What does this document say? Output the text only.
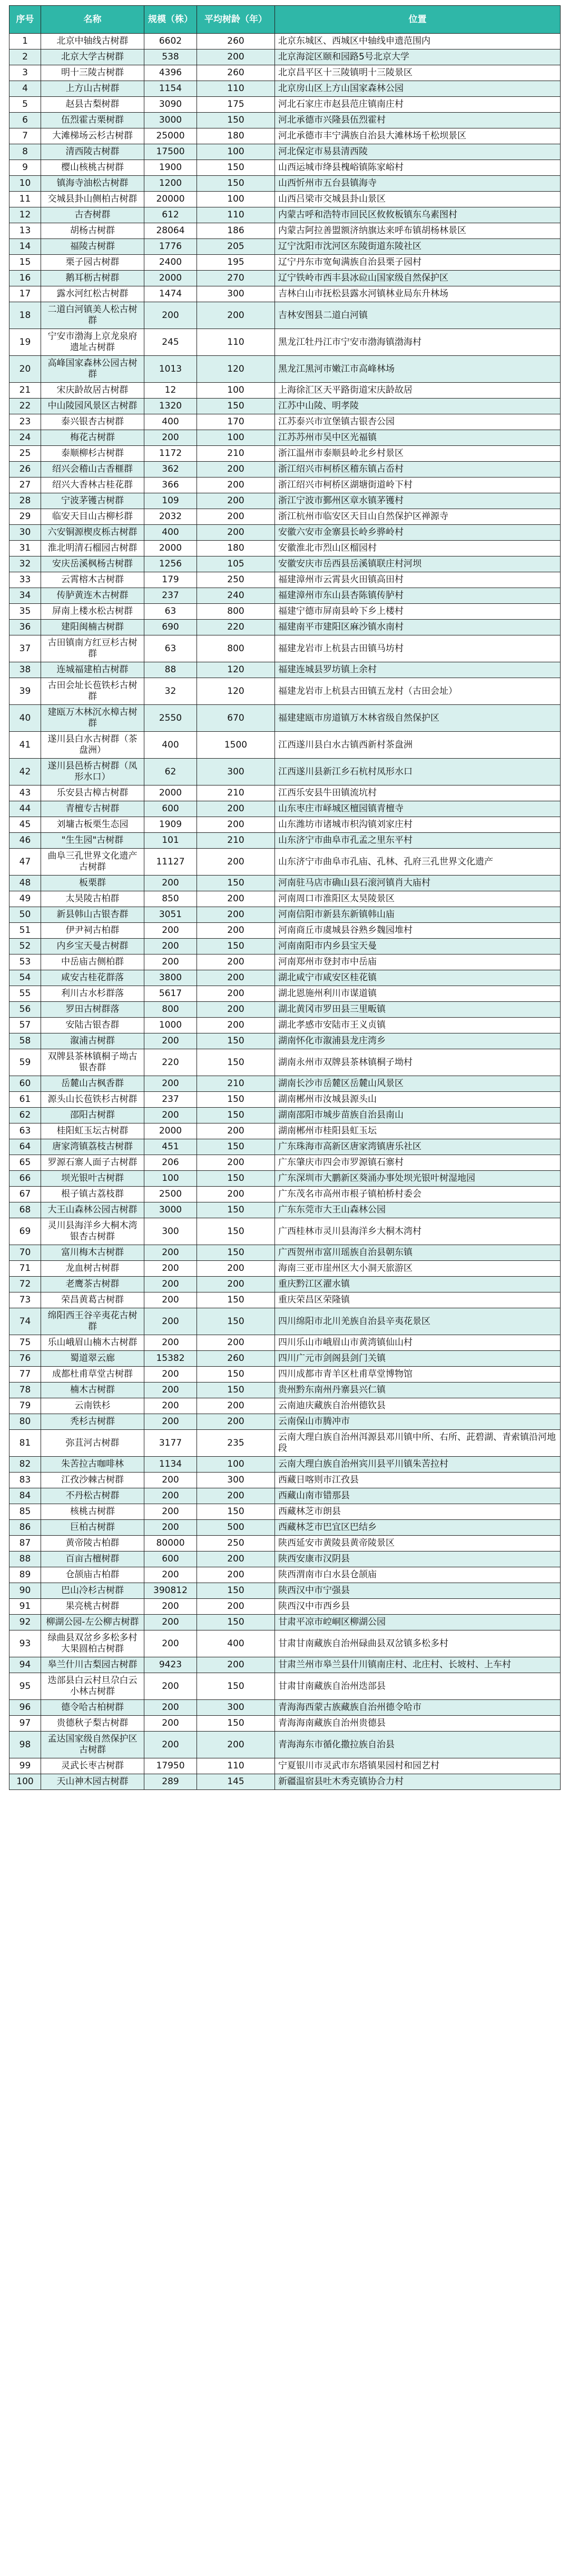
序号	名称	规模（株）	平均树龄（年）	位置
1	北京中轴线古树群	6602	260	北京东城区、西城区中轴线申遗范围内
2	北京大学古树群	538	200	北京海淀区颐和园路5号北京大学
3	明十三陵古树群	4396	260	北京昌平区十三陵镇明十三陵景区
4	上方山古树群	1154	110	北京房山区上方山国家森林公园
5	赵县古梨树群	3090	175	河北石家庄市赵县范庄镇南庄村
6	伍烈霍古栗树群	3000	150	河北承德市兴隆县伍烈霍村
7	大滩梯场云杉古树群	25000	180	河北承德市丰宁满族自治县大滩林场千松坝景区
8	清西陵古树群	17500	100	河北保定市易县清西陵
9	樱山核桃古树群	1900	150	山西运城市绛县槐峪镇陈家峪村
10	镇海寺油松古树群	1200	150	山西忻州市五台县镇海寺
11	交城县卦山侧柏古树群	20000	100	山西吕梁市交城县卦山景区
12	古杏树群	612	110	内蒙古呼和浩特市回民区攸攸板镇东乌素图村
13	胡杨古树群	28064	186	内蒙古阿拉善盟额济纳旗达来呼布镇胡杨林景区
14	福陵古树群	1776	205	辽宁沈阳市沈河区东陵街道东陵社区
15	栗子园古树群	2400	195	辽宁丹东市宽甸满族自治县栗子园村
16	鹅耳枥古树群	2000	270	辽宁铁岭市西丰县冰砬山国家级自然保护区
17	露水河红松古树群	1474	300	吉林白山市抚松县露水河镇林业局东升林场
18	二道白河镇美人松古树群	200	200	吉林安图县二道白河镇
19	宁安市渤海上京龙泉府遗址古树群	245	110	黑龙江牡丹江市宁安市渤海镇渤海村
20	高峰国家森林公园古树群	1013	120	黑龙江黑河市嫩江市高峰林场
21	宋庆龄故居古树群	12	100	上海徐汇区天平路街道宋庆龄故居
22	中山陵园风景区古树群	1320	150	江苏中山陵、明孝陵
23	泰兴银杏古树群	400	170	江苏泰兴市宣堡镇古银杏公园
24	梅花古树群	200	100	江苏苏州市吴中区光福镇
25	泰顺柳杉古树群	1172	210	浙江温州市泰顺县岭北乡村景区
26	绍兴会稽山古香榧群	362	200	浙江绍兴市柯桥区稽东镇占岙村
27	绍兴大香林古桂花群	366	200	浙江绍兴市柯桥区湖塘街道岭下村
28	宁波茅镬古树群	109	200	浙江宁波市鄞州区章水镇茅镬村
29	临安天目山古柳杉群	2032	200	浙江杭州市临安区天目山自然保护区禅源寺
30	六安铜源楔皮栎古树群	400	200	安徽六安市金寨县长岭乡骅岭村
31	淮北明清石榴园古树群	2000	180	安徽淮北市烈山区榴园村
32	安庆岳溪枫杨古树群	1256	105	安徽安庆市岳西县岳溪镇联庄村河坝
33	云霄榕木古树群	179	250	福建漳州市云霄县火田镇高田村
34	传胪黄连木古树群	237	240	福建漳州市东山县杏陈镇传胪村
35	屏南上楼水松古树群	63	800	福建宁德市屏南县岭下乡上楼村
36	建阳闽楠古树群	690	220	福建南平市建阳区麻沙镇水南村
37	古田镇南方红豆杉古树群	63	800	福建龙岩市上杭县古田镇马坊村
38	连城福建柏古树群	88	120	福建连城县罗坊镇上余村
39	古田会址长苞铁杉古树群	32	120	福建龙岩市上杭县古田镇五龙村（古田会址）
40	建瓯万木林沉水樟古树群	2550	670	福建建瓯市房道镇万木林省级自然保护区
41	遂川县白水古树群（茶盘洲）	400	1500	江西遂川县白水古镇西新村茶盘洲
42	遂川县邑桥古树群（凤形水口）	62	300	江西遂川县新江乡石杭村凤形水口
43	乐安县古樟古树群	2000	210	江西乐安县牛田镇流坑村
44	青檀专古树群	600	200	山东枣庄市峄城区檀园镇青檀寺
45	刘墉古板栗生态园	1909	200	山东潍坊市诸城市枳沟镇刘家庄村
46	"生生园"古树群	101	210	山东济宁市曲阜市孔孟之里东平村
47	曲阜三孔世界文化遗产古树群	11127	200	山东济宁市曲阜市孔庙、孔林、孔府三孔世界文化遗产
48	板栗群	200	150	河南驻马店市确山县石滚河镇肖大庙村
49	太昊陵古柏群	850	200	河南周口市淮阳区太昊陵景区
50	新县韩山古银杏群	3051	200	河南信阳市新县东新镇韩山庙
51	伊尹祠古柏群	200	200	河南商丘市虞城县谷熟乡魏园堆村
52	内乡宝天曼古树群	200	150	河南南阳市内乡县宝天曼
53	中岳庙古侧柏群	200	200	河南郑州市登封市中岳庙
54	咸安古桂花群落	3800	200	湖北咸宁市咸安区桂花镇
55	利川古水杉群落	5617	200	湖北恩施州利川市谋道镇
56	罗田古树群落	800	200	湖北黄冈市罗田县三里畈镇
57	安陆古银杏群	1000	200	湖北孝感市安陆市王义贞镇
58	溆浦古树群	200	150	湖南怀化市溆浦县龙庄湾乡
59	双牌县茶林镇桐子坳古银杏群	220	150	湖南永州市双牌县茶林镇桐子坳村
60	岳麓山古枫香群	200	210	湖南长沙市岳麓区岳麓山风景区
61	源头山长苞铁杉古树群	237	150	湖南郴州市汝城县源头山
62	邵阳古树群	200	150	湖南邵阳市城步苗族自治县南山
63	桂阳虹玉坛古树群	2000	200	湖南郴州市桂阳县虹玉坛
64	唐家湾镇荔枝古树群	451	150	广东珠海市高新区唐家湾镇唐乐社区
65	罗源石寨人面子古树群	206	200	广东肇庆市四会市罗源镇石寨村
66	坝光银叶古树群	100	150	广东深圳市大鹏新区葵涌办事处坝光银叶树湿地园
67	根子镇古荔枝群	2500	200	广东茂名市高州市根子镇柏桥村委会
68	大王山森林公园古树群	3000	150	广东东莞市大王山森林公园
69	灵川县海洋乡大桐木湾银杏古树群	300	150	广西桂林市灵川县海洋乡大桐木湾村
70	富川梅木古树群	200	150	广西贺州市富川瑶族自治县朝东镇
71	龙血树古树群	200	200	海南三亚市崖州区大小洞天旅游区
72	老鹰茶古树群	200	200	重庆黔江区濯水镇
73	荣昌黄葛古树群	200	150	重庆荣昌区荣隆镇
74	绵阳西王谷辛夷花古树群	200	150	四川绵阳市北川羌族自治县辛夷花景区
75	乐山峨眉山楠木古树群	200	200	四川乐山市峨眉山市黄湾镇仙山村
76	蜀道翠云廊	15382	260	四川广元市剑阁县剑门关镇
77	成都杜甫草堂古树群	200	150	四川成都市青羊区杜甫草堂博物馆
78	楠木古树群	200	150	贵州黔东南州丹寨县兴仁镇
79	云南铁杉	200	200	云南迪庆藏族自治州德钦县
80	秃杉古树群	200	200	云南保山市腾冲市
81	弥苴河古树群	3177	235	云南大理白族自治州洱源县邓川镇中所、右所、茈碧湖、青索镇沿河地段
82	朱苦拉古咖啡林	1134	100	云南大理白族自治州宾川县平川镇朱苦拉村
83	江孜沙棘古树群	200	300	西藏日喀则市江孜县
84	不丹松古树群	200	200	西藏山南市错那县
85	核桃古树群	200	150	西藏林芝市朗县
86	巨柏古树群	200	500	西藏林芝市巴宜区巴结乡
87	黄帝陵古柏群	80000	250	陕西延安市黄陵县黄帝陵景区
88	百亩古檀树群	600	200	陕西安康市汉阴县
89	仓颉庙古柏群	200	200	陕西渭南市白水县仓颉庙
90	巴山冷杉古树群	390812	150	陕西汉中市宁强县
91	果亮桃古树群	200	200	陕西汉中市西乡县
92	柳湖公园-左公柳古树群	200	150	甘肃平凉市崆峒区柳湖公园
93	绿曲县双岔乡多松多村大果圆柏古树群	200	400	甘肃甘南藏族自治州碌曲县双岔镇多松多村
94	皋兰什川古梨园古树群	9423	200	甘肃兰州市皋兰县什川镇南庄村、北庄村、长坡村、上车村
95	迭部县白云村旦尕白云小林古树群	200	150	甘肃甘南藏族自治州迭部县
96	德令哈古柏树群	200	300	青海海西蒙古族藏族自治州德令哈市
97	贵德秋子梨古树群	200	150	青海海南藏族自治州贵德县
98	孟达国家级自然保护区古树群	200	200	青海海东市循化撒拉族自治县
99	灵武长枣古树群	17950	110	宁夏银川市灵武市东塔镇果园村和园艺村
100	天山神木园古树群	289	145	新疆温宿县吐木秀克镇协合力村
